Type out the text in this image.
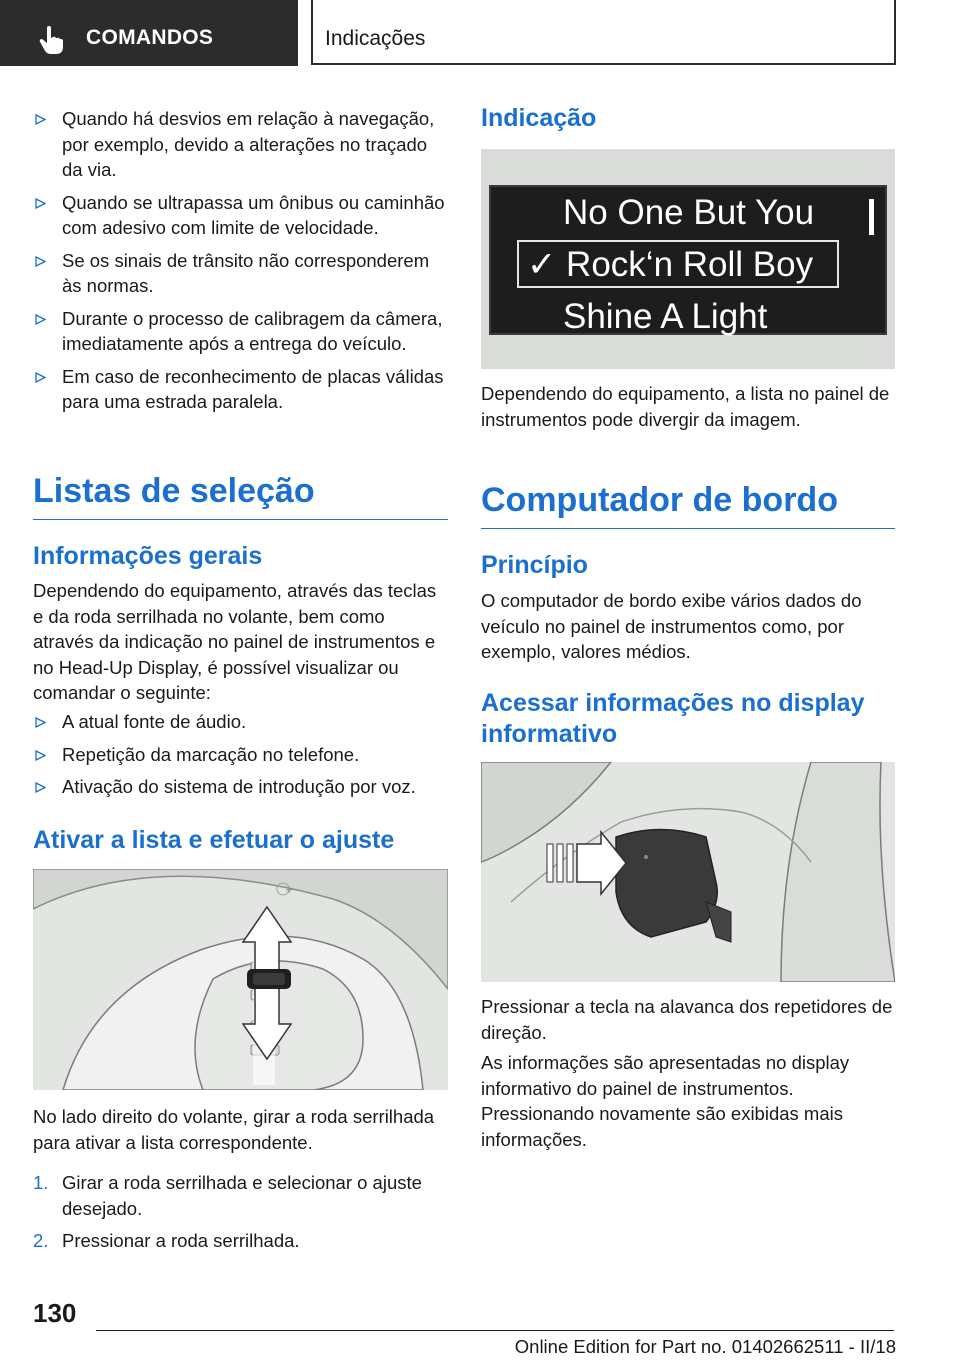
COMANDOS	Indicações
Quando há desvios em relação à navegação, por exemplo, devido a alterações no traçado da via.
Quando se ultrapassa um ônibus ou caminhão com adesivo com limite de velocidade.
Se os sinais de trânsito não corresponderem às normas.
Durante o processo de calibragem da câmera, imediatamente após a entrega do veículo.
Em caso de reconhecimento de placas válidas para uma estrada paralela.
Listas de seleção
Informações gerais
Dependendo do equipamento, através das teclas e da roda serrilhada no volante, bem como através da indicação no painel de instrumentos e no Head-Up Display, é possível visualizar ou comandar o seguinte:
A atual fonte de áudio.
Repetição da marcação no telefone.
Ativação do sistema de introdução por voz.
Ativar a lista e efetuar o ajuste
+
No lado direito do volante, girar a roda serrilhada para ativar a lista correspondente.
1. Girar a roda serrilhada e selecionar o ajuste desejado.
2. Pressionar a roda serrilhada.
Indicação
No One But You
✓ Rock‘n Roll Boy
Shine A Light
Dependendo do equipamento, a lista no painel de instrumentos pode divergir da imagem.
Computador de bordo
Princípio
O computador de bordo exibe vários dados do veículo no painel de instrumentos como, por exemplo, valores médios.
Acessar informações no display informativo
Pressionar a tecla na alavanca dos repetidores de direção.
As informações são apresentadas no display informativo do painel de instrumentos. Pressionando novamente são exibidas mais informações.
130
Online Edition for Part no. 01402662511 - II/18
